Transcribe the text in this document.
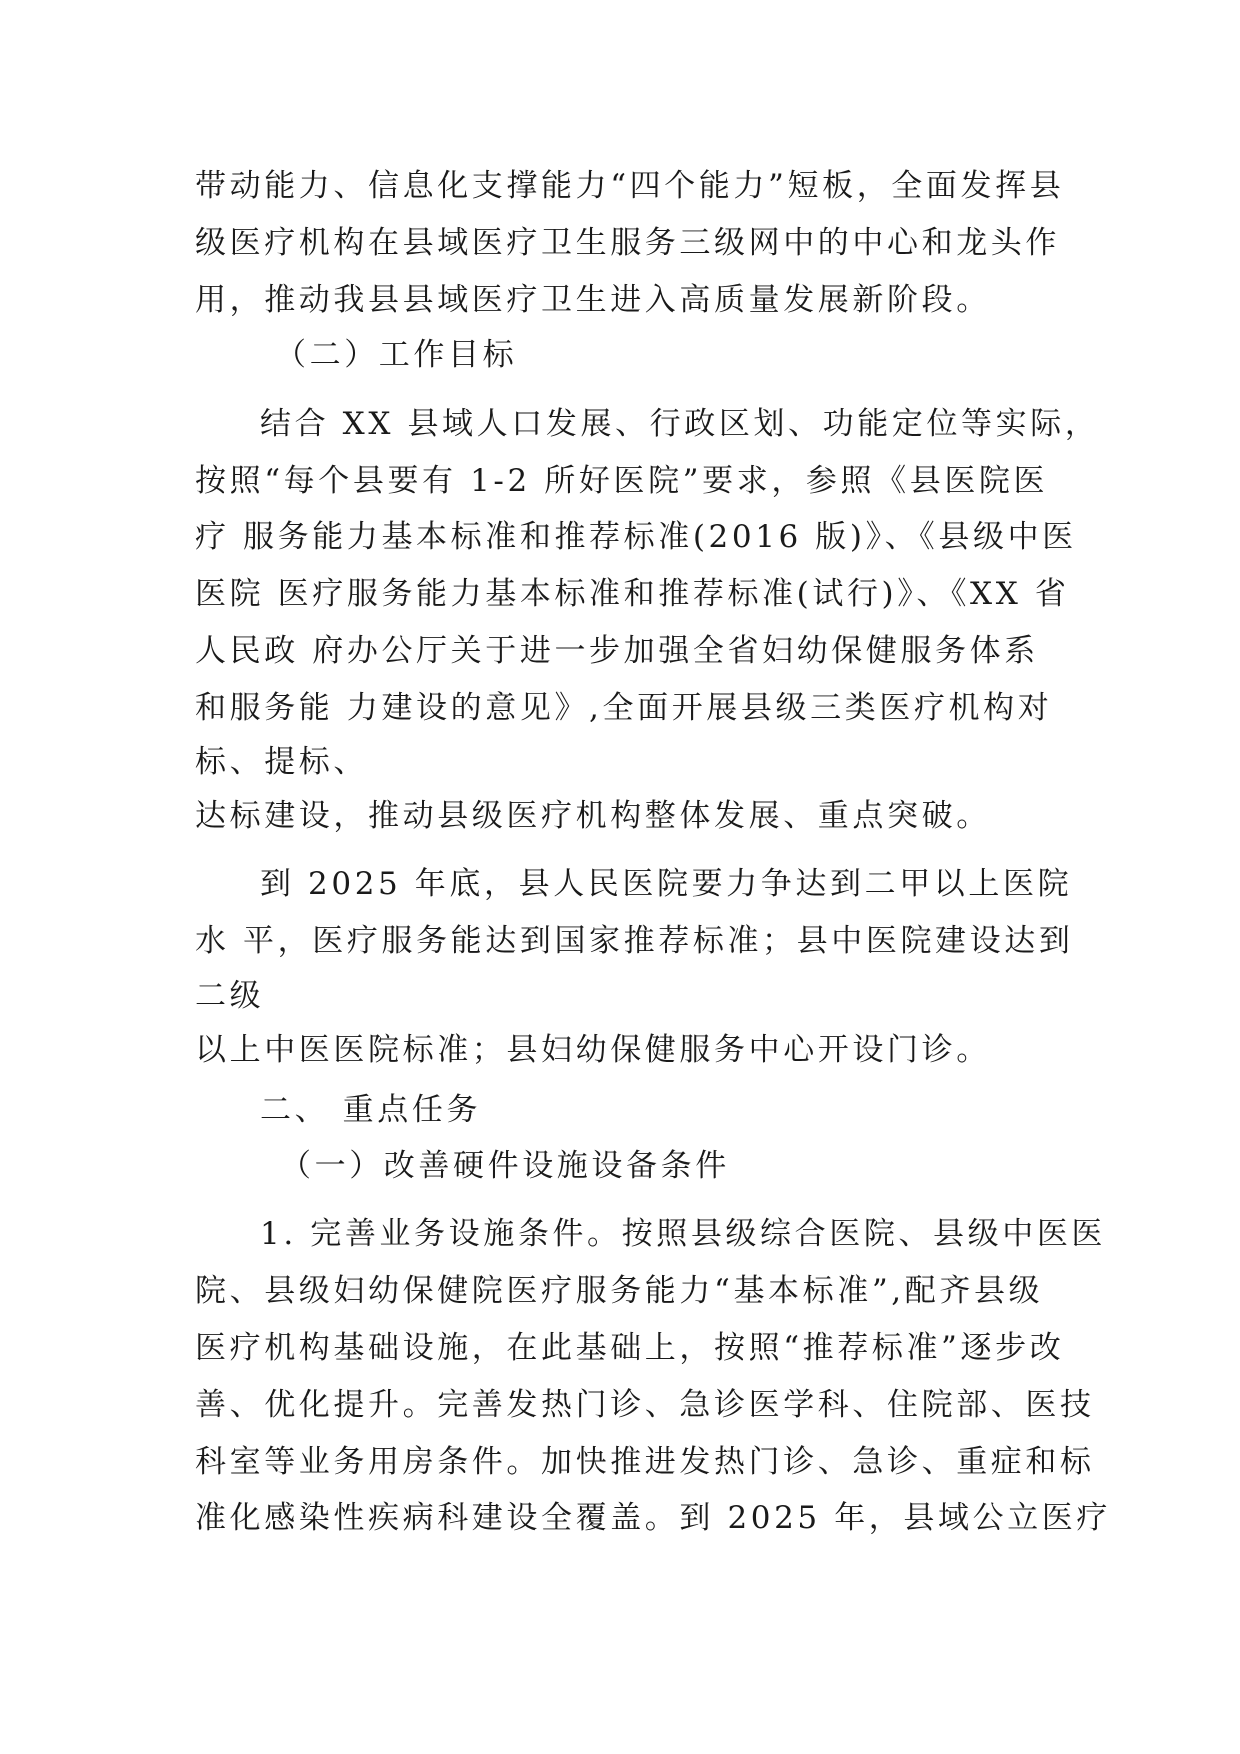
带动能力、信息化支撑能力“四个能力”短板，全面发挥县
级医疗机构在县域医疗卫生服务三级网中的中心和龙头作
用，推动我县县域医疗卫生进入高质量发展新阶段。
（二）工作目标
结合 XX 县域人口发展、行政区划、功能定位等实际，
按照“每个县要有 1-2 所好医院”要求，参照《县医院医
疗 服务能力基本标准和推荐标准(2016 版)》、《县级中医
医院 医疗服务能力基本标准和推荐标准(试行)》、《XX 省
人民政 府办公厅关于进一步加强全省妇幼保健服务体系
和服务能 力建设的意见》,全面开展县级三类医疗机构对
标、提标、
达标建设，推动县级医疗机构整体发展、重点突破。
到 2025 年底，县人民医院要力争达到二甲以上医院
水 平，医疗服务能达到国家推荐标准；县中医院建设达到
二级
以上中医医院标准；县妇幼保健服务中心开设门诊。
二、 重点任务
（一）改善硬件设施设备条件
1. 完善业务设施条件。按照县级综合医院、县级中医医
院、县级妇幼保健院医疗服务能力“基本标准”,配齐县级
医疗机构基础设施，在此基础上，按照“推荐标准”逐步改
善、优化提升。完善发热门诊、急诊医学科、住院部、医技
科室等业务用房条件。加快推进发热门诊、急诊、重症和标
准化感染性疾病科建设全覆盖。到 2025 年，县域公立医疗
